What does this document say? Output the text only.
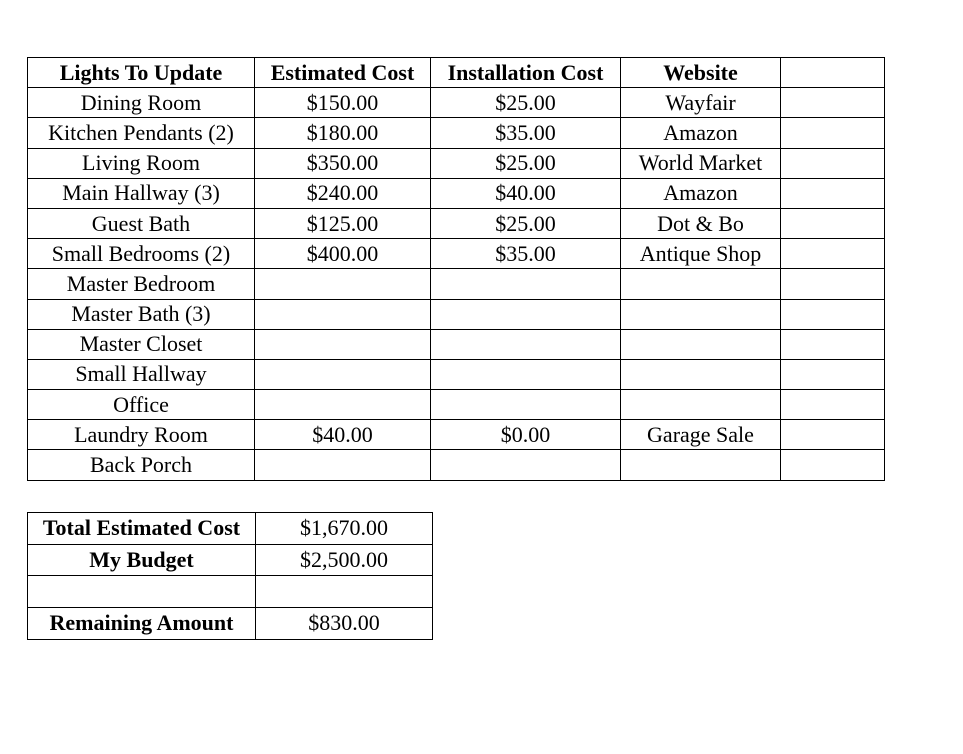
Lights To Update	Estimated Cost	Installation Cost	Website	
Dining Room	$150.00	$25.00	Wayfair	
Kitchen Pendants (2)	$180.00	$35.00	Amazon	
Living Room	$350.00	$25.00	World Market	
Main Hallway (3)	$240.00	$40.00	Amazon	
Guest Bath	$125.00	$25.00	Dot & Bo	
Small Bedrooms (2)	$400.00	$35.00	Antique Shop	
Master Bedroom				
Master Bath (3)				
Master Closet				
Small Hallway				
Office				
Laundry Room	$40.00	$0.00	Garage Sale	
Back Porch				
Total Estimated Cost	$1,670.00
My Budget	$2,500.00

Remaining Amount	$830.00
